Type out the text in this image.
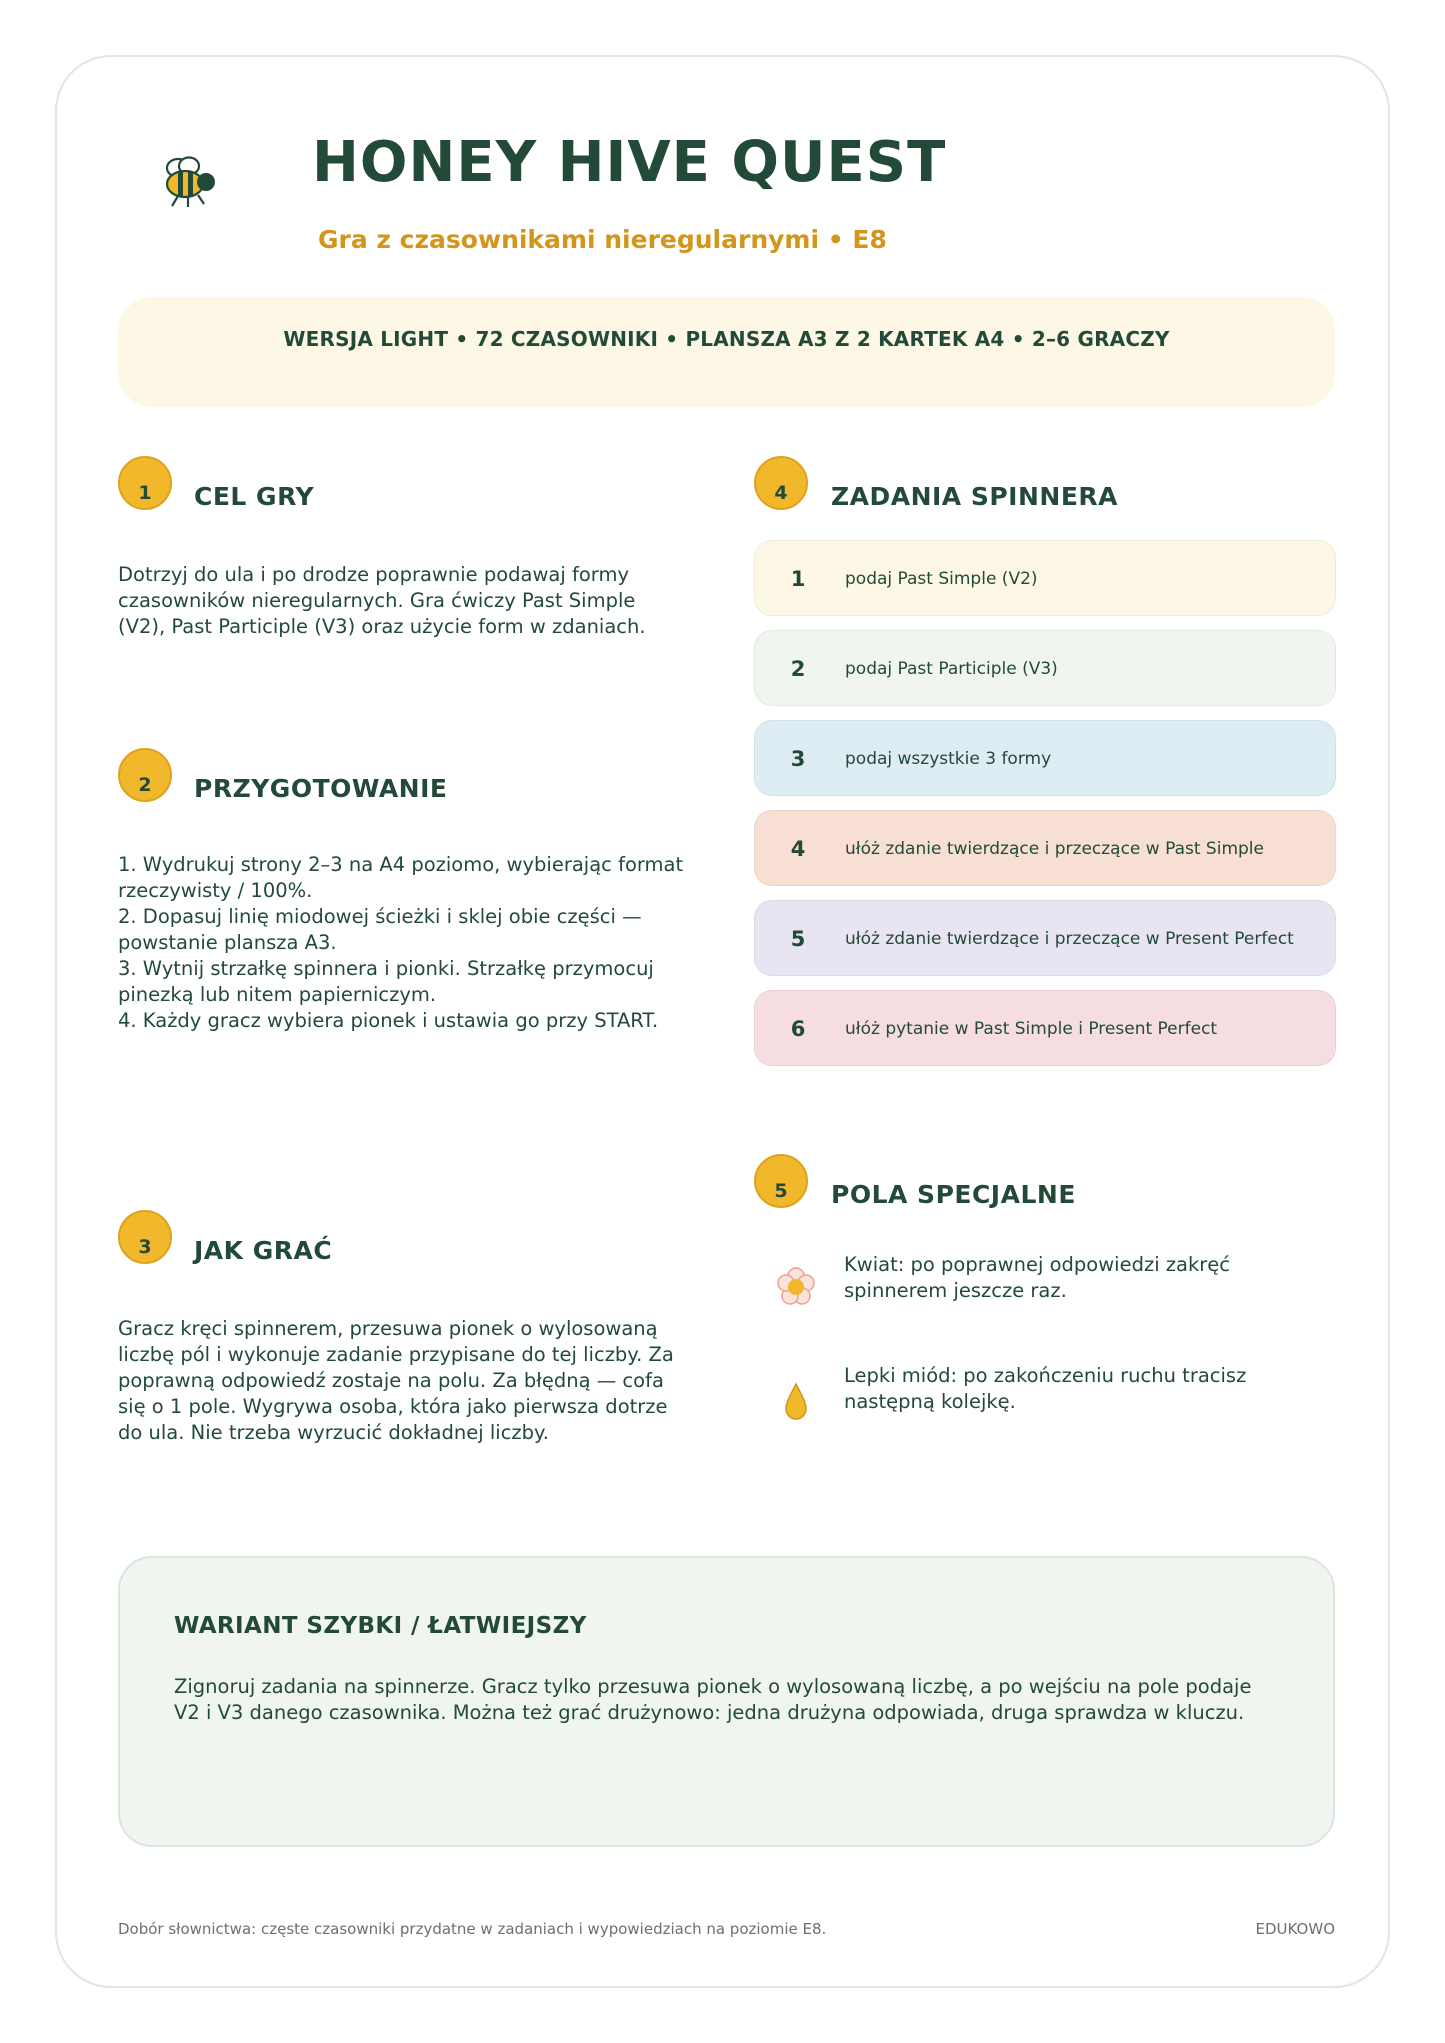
HONEY HIVE QUEST
Gra z czasownikami nieregularnymi • E8
WERSJA LIGHT • 72 CZASOWNIKI • PLANSZA A3 Z 2 KARTEK A4 • 2–6 GRACZY
1	CEL GRY
Dotrzyj do ula i po drodze poprawnie podawaj formy
czasowników nieregularnych. Gra ćwiczy Past Simple
(V2), Past Participle (V3) oraz użycie form w zdaniach.
2	PRZYGOTOWANIE
1. Wydrukuj strony 2–3 na A4 poziomo, wybierając format
rzeczywisty / 100%.
2. Dopasuj linię miodowej ścieżki i sklej obie części —
powstanie plansza A3.
3. Wytnij strzałkę spinnera i pionki. Strzałkę przymocuj
pinezką lub nitem papierniczym.
4. Każdy gracz wybiera pionek i ustawia go przy START.
3	JAK GRAĆ
Gracz kręci spinnerem, przesuwa pionek o wylosowaną
liczbę pól i wykonuje zadanie przypisane do tej liczby. Za
poprawną odpowiedź zostaje na polu. Za błędną — cofa
się o 1 pole. Wygrywa osoba, która jako pierwsza dotrze
do ula. Nie trzeba wyrzucić dokładnej liczby.
4	ZADANIA SPINNERA
1 podaj Past Simple (V2)
2 podaj Past Participle (V3)
3 podaj wszystkie 3 formy
4 ułóż zdanie twierdzące i przeczące w Past Simple
5 ułóż zdanie twierdzące i przeczące w Present Perfect
6 ułóż pytanie w Past Simple i Present Perfect
5	POLA SPECJALNE
Kwiat: po poprawnej odpowiedzi zakręć
spinnerem jeszcze raz.
Lepki miód: po zakończeniu ruchu tracisz
następną kolejkę.
WARIANT SZYBKI / ŁATWIEJSZY
Zignoruj zadania na spinnerze. Gracz tylko przesuwa pionek o wylosowaną liczbę, a po wejściu na pole podaje
V2 i V3 danego czasownika. Można też grać drużynowo: jedna drużyna odpowiada, druga sprawdza w kluczu.
Dobór słownictwa: częste czasowniki przydatne w zadaniach i wypowiedziach na poziomie E8.	EDUKOWO
